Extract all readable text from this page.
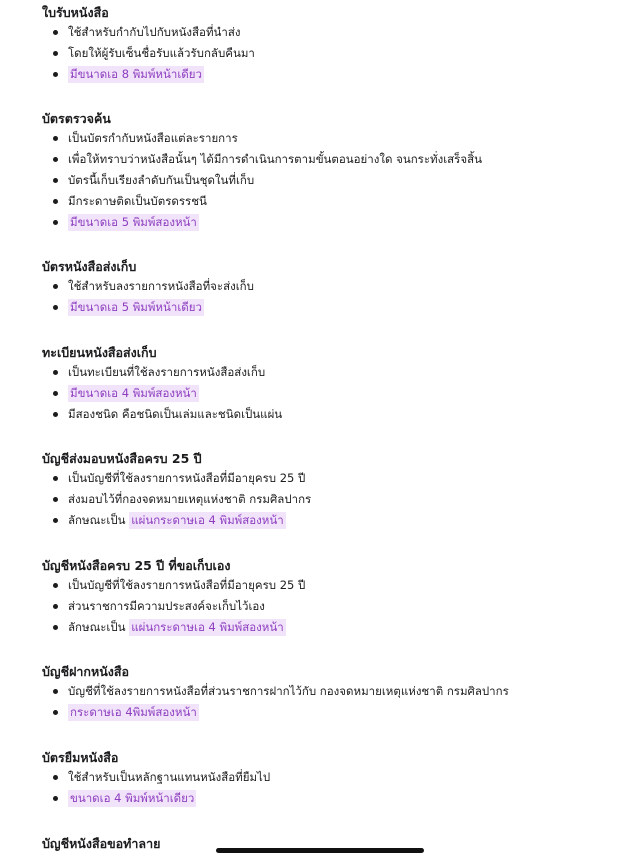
ใบรับหนังสือ
ใช้สำหรับกำกับไปกับหนังสือที่นำส่ง
โดยให้ผู้รับเซ็นชื่อรับแล้วรับกลับคืนมา
มีขนาดเอ 8 พิมพ์หน้าเดียว
บัตรตรวจค้น
เป็นบัตรกำกับหนังสือแต่ละรายการ
เพื่อให้ทราบว่าหนังสือนั้นๆ ได้มีการดำเนินการตามขั้นตอนอย่างใด จนกระทั่งเสร็จสิ้น
บัตรนี้เก็บเรียงลำดับกันเป็นชุดในที่เก็บ
มีกระดาษติดเป็นบัตรดรรชนี
มีขนาดเอ 5 พิมพ์สองหน้า
บัตรหนังสือส่งเก็บ
ใช้สำหรับลงรายการหนังสือที่จะส่งเก็บ
มีขนาดเอ 5 พิมพ์หน้าเดียว
ทะเบียนหนังสือส่งเก็บ
เป็นทะเบียนที่ใช้ลงรายการหนังสือส่งเก็บ
มีขนาดเอ 4 พิมพ์สองหน้า
มีสองชนิด คือชนิดเป็นเล่มและชนิดเป็นแผ่น
บัญชีส่งมอบหนังสือครบ 25 ปี
เป็นบัญชีที่ใช้ลงรายการหนังสือที่มีอายุครบ 25 ปี
ส่งมอบไว้ที่กองจดหมายเหตุแห่งชาติ กรมศิลปากร
ลักษณะเป็น แผ่นกระดาษเอ 4 พิมพ์สองหน้า
บัญชีหนังสือครบ 25 ปี ที่ขอเก็บเอง
เป็นบัญชีที่ใช้ลงรายการหนังสือที่มีอายุครบ 25 ปี
ส่วนราชการมีความประสงค์จะเก็บไว้เอง
ลักษณะเป็น แผ่นกระดาษเอ 4 พิมพ์สองหน้า
บัญชีฝากหนังสือ
บัญชีที่ใช้ลงรายการหนังสือที่ส่วนราชการฝากไว้กับ กองจดหมายเหตุแห่งชาติ กรมศิลปากร
กระดาษเอ 4พิมพ์สองหน้า
บัตรยืมหนังสือ
ใช้สำหรับเป็นหลักฐานแทนหนังสือที่ยืมไป
ขนาดเอ 4 พิมพ์หน้าเดียว
บัญชีหนังสือขอทำลาย
